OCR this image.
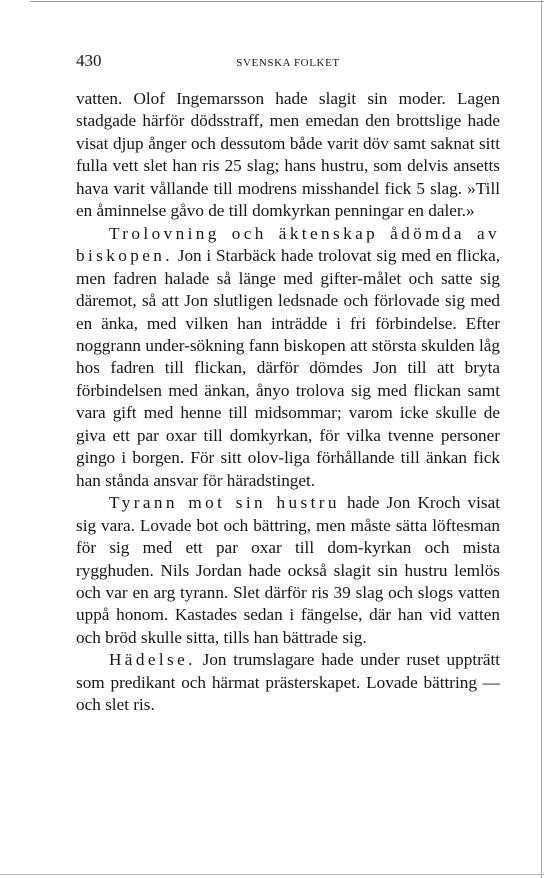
430	SVENSKA FOLKET

vatten. Olof Ingemarsson hade slagit sin moder. Lagen stadgade härför dödsstraff, men emedan den brottslige hade visat djup ånger och dessutom både varit döv samt saknat sitt fulla vett slet han ris 25 slag; hans hustru, som delvis ansetts hava varit vållande till modrens misshandel fick 5 slag. »Till en åminnelse gåvo de till domkyrkan penningar en daler.»

Trolovning och äktenskap ådömda av biskopen. Jon i Starbäck hade trolovat sig med en flicka, men fadren halade så länge med gifter-målet och satte sig däremot, så att Jon slutligen ledsnade och förlovade sig med en änka, med vilken han inträdde i fri förbindelse. Efter noggrann under-sökning fann biskopen att största skulden låg hos fadren till flickan, därför dömdes Jon till att bryta förbindelsen med änkan, ånyo trolova sig med flickan samt vara gift med henne till midsommar; varom icke skulle de giva ett par oxar till domkyrkan, för vilka tvenne personer gingo i borgen. För sitt olov-liga förhållande till änkan fick han stånda ansvar för häradstinget.

Tyrann mot sin hustru hade Jon Kroch visat sig vara. Lovade bot och bättring, men måste sätta löftesman för sig med ett par oxar till dom-kyrkan och mista rygghuden. Nils Jordan hade också slagit sin hustru lemlös och var en arg tyrann. Slet därför ris 39 slag och slogs vatten uppå honom. Kastades sedan i fängelse, där han vid vatten och bröd skulle sitta, tills han bättrade sig.

Hädelse. Jon trumslagare hade under ruset uppträtt som predikant och härmat prästerskapet. Lovade bättring — och slet ris.
